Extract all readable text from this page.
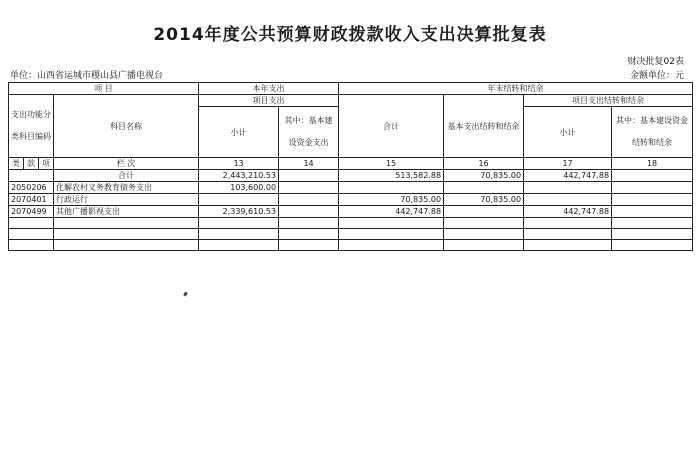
2014年度公共预算财政拨款收入支出决算批复表
财决批复02表
单位：山西省运城市稷山县广播电视台	金额单位：元
项 目				本年支出		年末结转和结余			
支出功能分类科目编码			科目名称	项目支出		合计	基本支出结转和结余	项目支出结转和结余	
				小计	其中：基本建设资金支出			小计	其中：基本建设资金结转和结余
类	款	项	栏 次	13	14	15	16	17	18
			合计	2,443,210.53		513,582.88	70,835.00	442,747.88	
2050206			化解农村义务教育债务支出	103,600.00					
2070401			行政运行			70,835.00	70,835.00		
2070499			其他广播影视支出	2,339,610.53		442,747.88		442,747.88	
